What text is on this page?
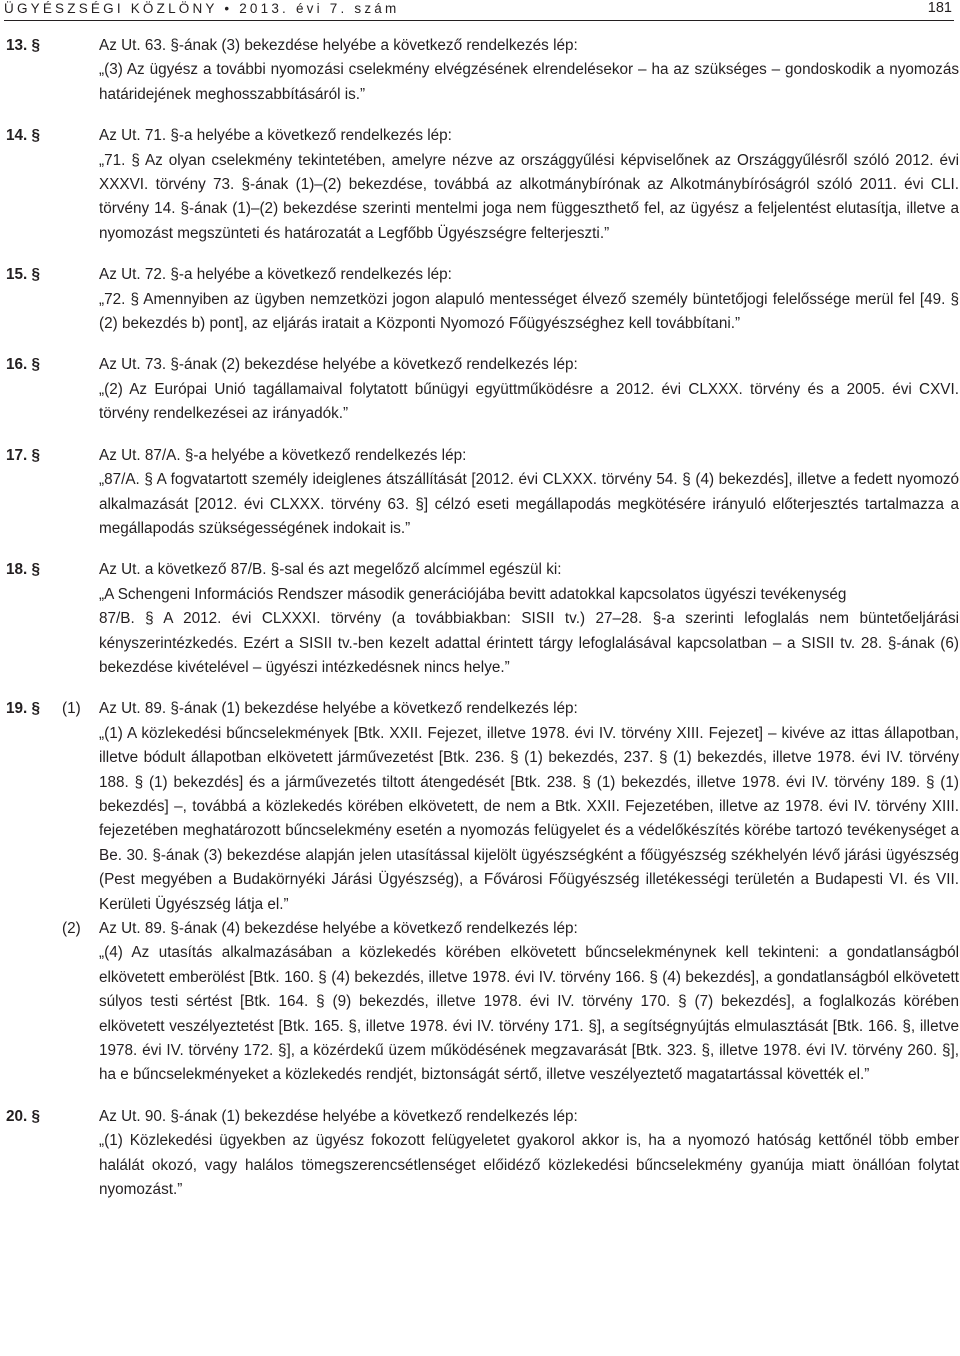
ÜGYÉSZSÉGI KÖZLÖNY • 2013. évi 7. szám	181
13. §	Az Ut. 63. §-ának (3) bekezdése helyébe a következő rendelkezés lép:

„(3) Az ügyész a további nyomozási cselekmény elvégzésének elrendelésekor – ha az szükséges – gondoskodik a nyomozás határidejének meghosszabbításáról is.”

14. §	Az Ut. 71. §-a helyébe a következő rendelkezés lép:

„71. § Az olyan cselekmény tekintetében, amelyre nézve az országgyűlési képviselőnek az Országgyűlésről szóló 2012. évi XXXVI. törvény 73. §-ának (1)–(2) bekezdése, továbbá az alkotmánybírónak az Alkotmánybíróságról szóló 2011. évi CLI. törvény 14. §-ának (1)–(2) bekezdése szerinti mentelmi joga nem függeszthető fel, az ügyész a feljelentést elutasítja, illetve a nyomozást megszünteti és határozatát a Legfőbb Ügyészségre felterjeszti.”

15. §	Az Ut. 72. §-a helyébe a következő rendelkezés lép:

„72. § Amennyiben az ügyben nemzetközi jogon alapuló mentességet élvező személy büntetőjogi felelőssége merül fel [49. § (2) bekezdés b) pont], az eljárás iratait a Központi Nyomozó Főügyészséghez kell továbbítani.”

16. §	Az Ut. 73. §-ának (2) bekezdése helyébe a következő rendelkezés lép:

„(2) Az Európai Unió tagállamaival folytatott bűnügyi együttműködésre a 2012. évi CLXXX. törvény és a 2005. évi CXVI. törvény rendelkezései az irányadók.”

17. §	Az Ut. 87/A. §-a helyébe a következő rendelkezés lép:

„87/A. § A fogvatartott személy ideiglenes átszállítását [2012. évi CLXXX. törvény 54. § (4) bekezdés], illetve a fedett nyomozó alkalmazását [2012. évi CLXXX. törvény 63. §] célzó eseti megállapodás megkötésére irányuló előterjesztés tartalmazza a megállapodás szükségességének indokait is.”

18. §	Az Ut. a következő 87/B. §-sal és azt megelőző alcímmel egészül ki:

„A Schengeni Információs Rendszer második generációjába bevitt adatokkal kapcsolatos ügyészi tevékenység

87/B. § A 2012. évi CLXXXI. törvény (a továbbiakban: SISII tv.) 27–28. §-a szerinti lefoglalás nem büntetőeljárási kényszerintézkedés. Ezért a SISII tv.-ben kezelt adattal érintett tárgy lefoglalásával kapcsolatban – a SISII tv. 28. §-ának (6) bekezdése kivételével – ügyészi intézkedésnek nincs helye.”

19. §	(1)	Az Ut. 89. §-ának (1) bekezdése helyébe a következő rendelkezés lép:

„(1) A közlekedési bűncselekmények [Btk. XXII. Fejezet, illetve 1978. évi IV. törvény XIII. Fejezet] – kivéve az ittas állapotban, illetve bódult állapotban elkövetett járművezetést [Btk. 236. § (1) bekezdés, 237. § (1) bekezdés, illetve 1978. évi IV. törvény 188. § (1) bekezdés] és a járművezetés tiltott átengedését [Btk. 238. § (1) bekezdés, illetve 1978. évi IV. törvény 189. § (1) bekezdés] –, továbbá a közlekedés körében elkövetett, de nem a Btk. XXII. Fejezetében, illetve az 1978. évi IV. törvény XIII. fejezetében meghatározott bűncselekmény esetén a nyomozás felügyelet és a védelőkészítés körébe tartozó tevékenységet a Be. 30. §-ának (3) bekezdése alapján jelen utasítással kijelölt ügyészségként a főügyészség székhelyén lévő járási ügyészség (Pest megyében a Budakörnyéki Járási Ügyészség), a Fővárosi Főügyészség illetékességi területén a Budapesti VI. és VII. Kerületi Ügyészség látja el.”

(2)	Az Ut. 89. §-ának (4) bekezdése helyébe a következő rendelkezés lép:

„(4) Az utasítás alkalmazásában a közlekedés körében elkövetett bűncselekménynek kell tekinteni: a gondatlanságból elkövetett emberölést [Btk. 160. § (4) bekezdés, illetve 1978. évi IV. törvény 166. § (4) bekezdés], a gondatlanságból elkövetett súlyos testi sértést [Btk. 164. § (9) bekezdés, illetve 1978. évi IV. törvény 170. § (7) bekezdés], a foglalkozás körében elkövetett veszélyeztetést [Btk. 165. §, illetve 1978. évi IV. törvény 171. §], a segítségnyújtás elmulasztását [Btk. 166. §, illetve 1978. évi IV. törvény 172. §], a közérdekű üzem működésének megzavarását [Btk. 323. §, illetve 1978. évi IV. törvény 260. §], ha e bűncselekményeket a közlekedés rendjét, biztonságát sértő, illetve veszélyeztető magatartással követték el.”

20. §	Az Ut. 90. §-ának (1) bekezdése helyébe a következő rendelkezés lép:

„(1) Közlekedési ügyekben az ügyész fokozott felügyeletet gyakorol akkor is, ha a nyomozó hatóság kettőnél több ember halálát okozó, vagy halálos tömegszerencsétlenséget előidéző közlekedési bűncselekmény gyanúja miatt önállóan folytat nyomozást.”
